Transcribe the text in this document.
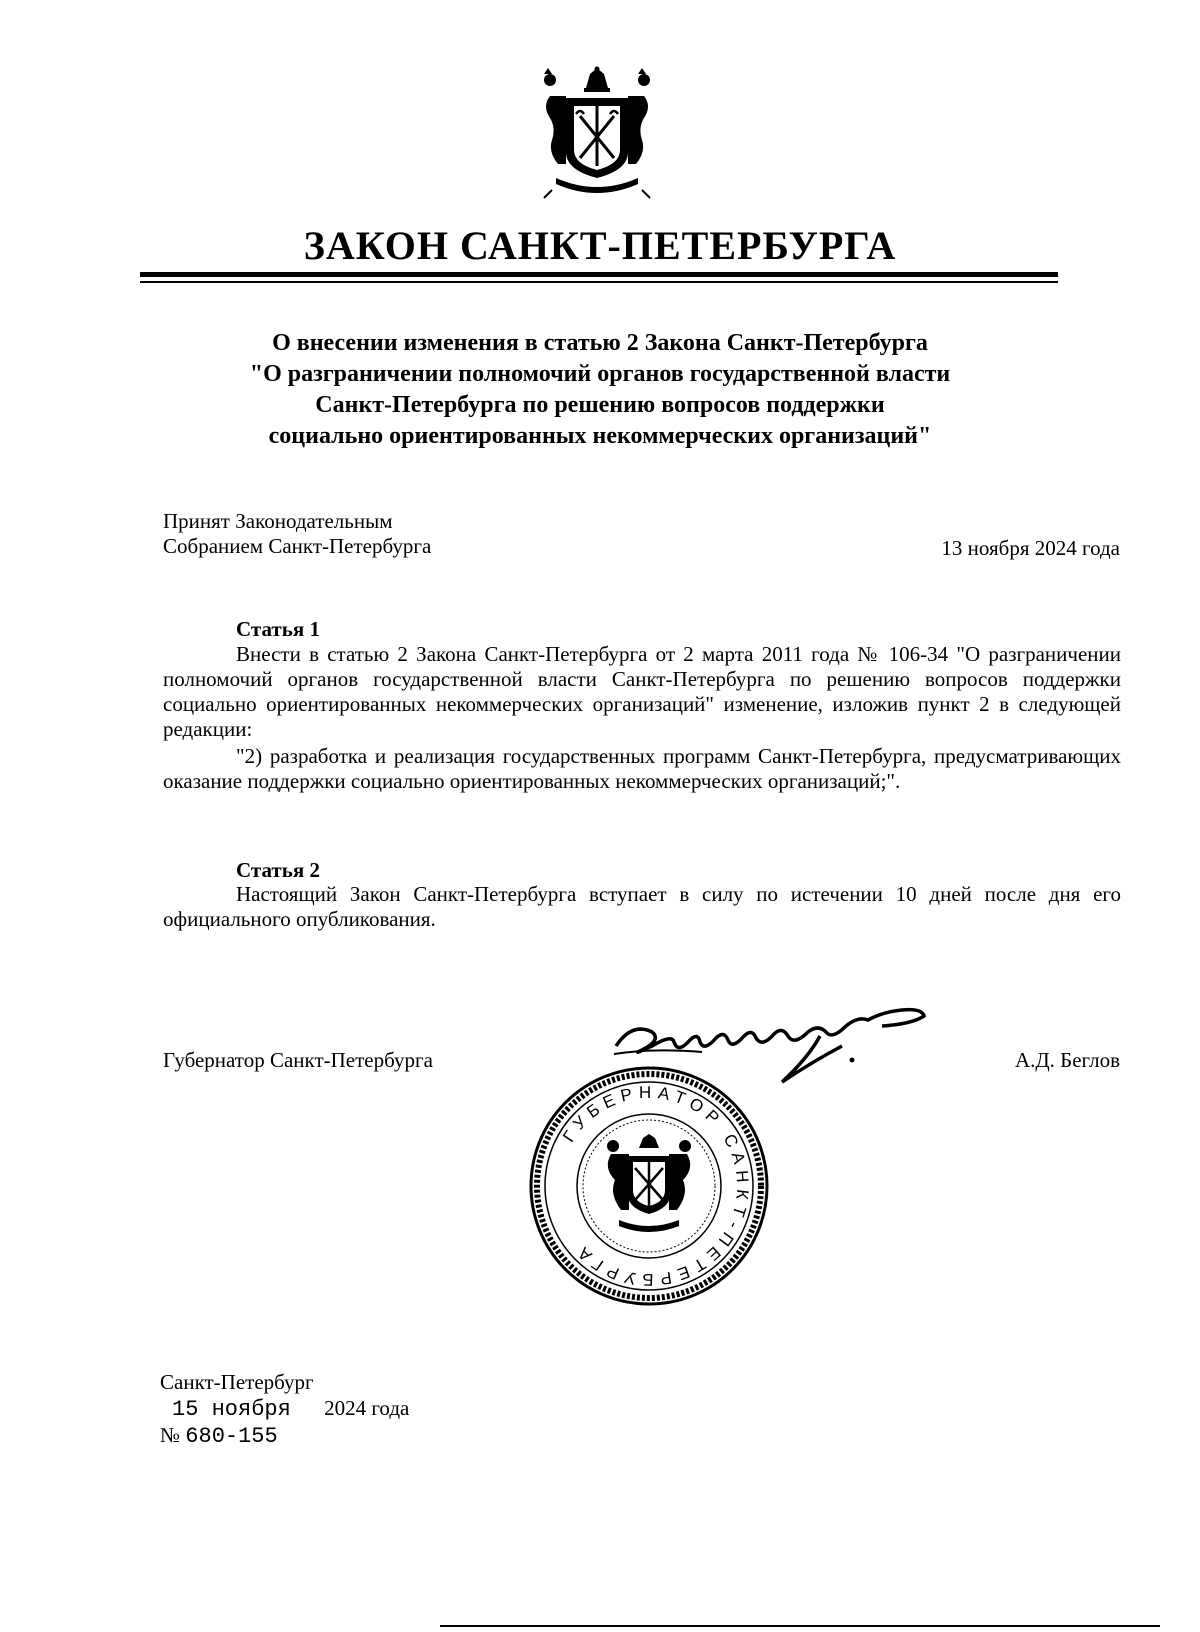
ЗАКОН САНКТ-ПЕТЕРБУРГА
О внесении изменения в статью 2 Закона Санкт-Петербурга
"О разграничении полномочий органов государственной власти
Санкт-Петербурга по решению вопросов поддержки
социально ориентированных некоммерческих организаций"
Принят Законодательным
Собранием Санкт-Петербурга	13 ноября 2024 года
Статья 1
Внести в статью 2 Закона Санкт-Петербурга от 2 марта 2011 года № 106-34 "О разграничении полномочий органов государственной власти Санкт-Петербурга по решению вопросов поддержки социально ориентированных некоммерческих организаций" изменение, изложив пункт 2 в следующей редакции:
"2) разработка и реализация государственных программ Санкт-Петербурга, предусматривающих оказание поддержки социально ориентированных некоммерческих организаций;".
Статья 2
Настоящий Закон Санкт-Петербурга вступает в силу по истечении 10 дней после дня его официального опубликования.
Губернатор Санкт-Петербурга	А.Д. Беглов
ГУБЕРНАТОР САНКТ-ПЕТЕРБУРГА
Санкт-Петербург
15 ноября 2024 года
№ 680-155
